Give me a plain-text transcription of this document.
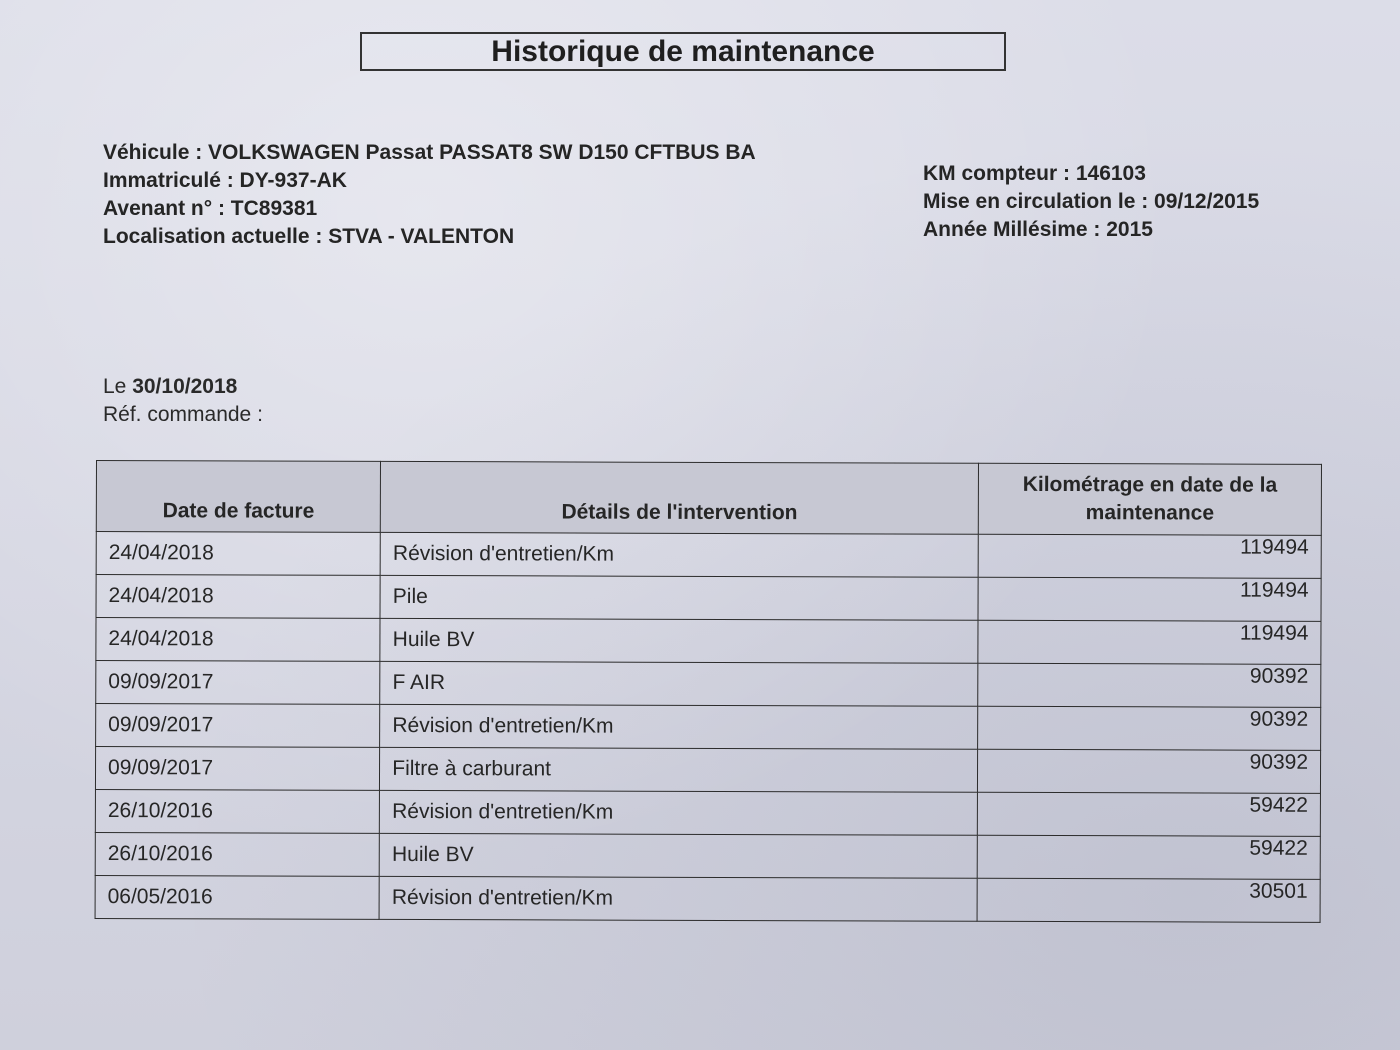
Historique de maintenance
Véhicule : VOLKSWAGEN Passat PASSAT8 SW D150 CFTBUS BA
Immatriculé : DY-937-AK
Avenant n° : TC89381
Localisation actuelle : STVA - VALENTON
KM compteur : 146103
Mise en circulation le : 09/12/2015
Année Millésime : 2015
Le 30/10/2018
Réf. commande :
Date de facture	Détails de l'intervention	Kilométrage en date de la maintenance
24/04/2018	Révision d'entretien/Km	119494
24/04/2018	Pile	119494
24/04/2018	Huile BV	119494
09/09/2017	F AIR	90392
09/09/2017	Révision d'entretien/Km	90392
09/09/2017	Filtre à carburant	90392
26/10/2016	Révision d'entretien/Km	59422
26/10/2016	Huile BV	59422
06/05/2016	Révision d'entretien/Km	30501
